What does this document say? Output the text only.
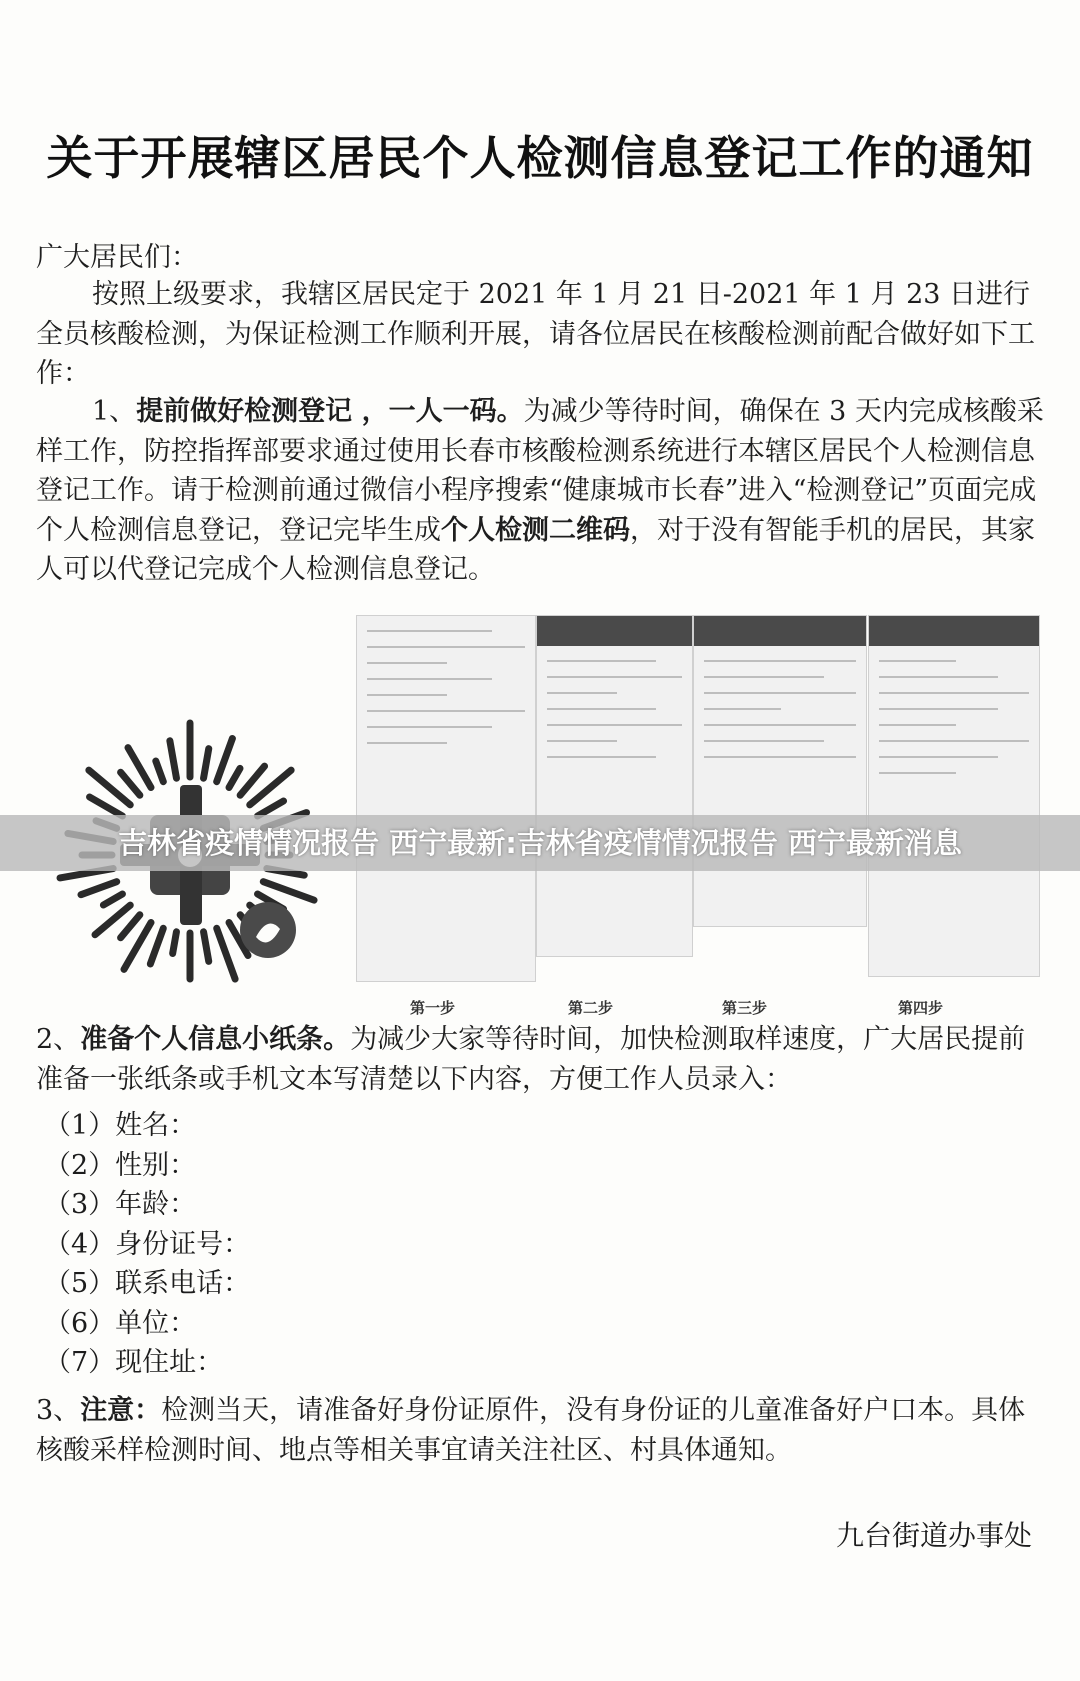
关于开展辖区居民个人检测信息登记工作的通知
广大居民们：
按照上级要求，我辖区居民定于 2021 年 1 月 21 日-2021 年 1 月 23 日进行全员核酸检测，为保证检测工作顺利开展，请各位居民在核酸检测前配合做好如下工作：
1、提前做好检测登记 ，一人一码。为减少等待时间，确保在 3 天内完成核酸采样工作，防控指挥部要求通过使用长春市核酸检测系统进行本辖区居民个人检测信息登记工作。请于检测前通过微信小程序搜索“健康城市长春”进入“检测登记”页面完成个人检测信息登记，登记完毕生成个人检测二维码，对于没有智能手机的居民，其家人可以代登记完成个人检测信息登记。
第一步	第二步	第三步	第四步
2、准备个人信息小纸条。为减少大家等待时间，加快检测取样速度，广大居民提前准备一张纸条或手机文本写清楚以下内容，方便工作人员录入：
（1）姓名：
（2）性别：
（3）年龄：
（4）身份证号：
（5）联系电话：
（6）单位：
（7）现住址：
3、注意：检测当天，请准备好身份证原件，没有身份证的儿童准备好户口本。具体核酸采样检测时间、地点等相关事宜请关注社区、村具体通知。
九台街道办事处
吉林省疫情情况报告 西宁最新:吉林省疫情情况报告 西宁最新消息
